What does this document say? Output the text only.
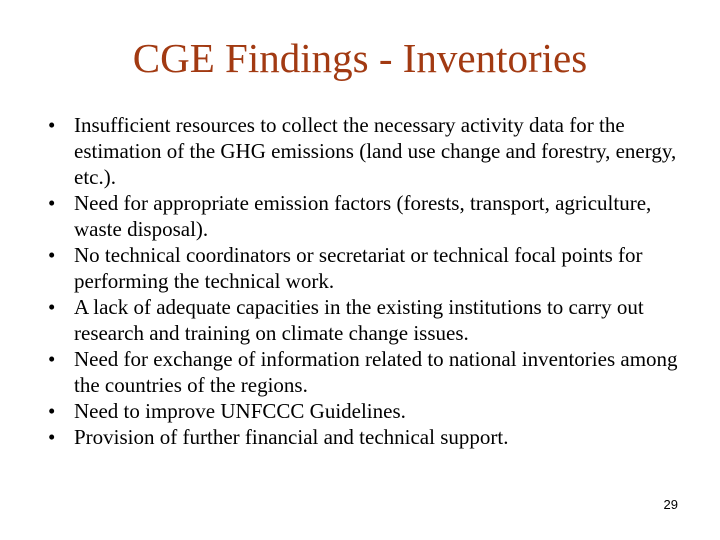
CGE Findings - Inventories
• Insufficient resources to collect the necessary activity data for the estimation of the GHG emissions (land use change and forestry, energy, etc.).
• Need for appropriate emission factors (forests, transport, agriculture, waste disposal).
• No technical coordinators or secretariat or technical focal points for performing the technical work.
• A lack of adequate capacities in the existing institutions to carry out research and training on climate change issues.
• Need for exchange of information related to national inventories among the countries of the regions.
• Need to improve UNFCCC Guidelines.
• Provision of further financial and technical support.
29
